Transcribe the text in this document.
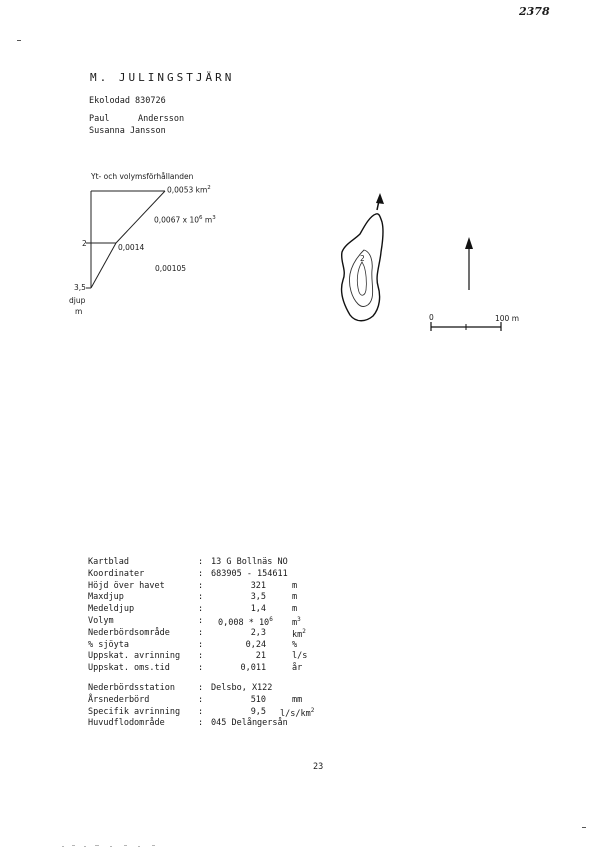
2378
M. JULINGSTJÄRN
Ekolodad 830726
Paul	Andersson
Susanna Jansson
Yt- och volymsförhållanden
0,0053 $km^2$
0,0067 x $10^6$ $m^3$
2	0,0014
0,00105
3,5
djup
m
2
0	100 m
Kartblad	: 13 G Bollnäs NO
Koordinater	: 683905 - 154611
Höjd över havet	:	321	m
Maxdjup	:	3,5	m
Medeldjup	:	1,4	m
Volym	: $0,008 * 10^6$ $m^3$
Nederbördsområde	:	2,3	$km^2$
% sjöyta	:	0,24	%
Uppskat. avrinning :	21	l/s
Uppskat. oms.tid	:	0,011	år
Nederbördsstation	: Delsbo, X122
Årsnederbörd	:	510	mm
Specifik avrinning :	9,5 $l/s/km^2$
Huvudflodområde	: 045 Delångersån
23
